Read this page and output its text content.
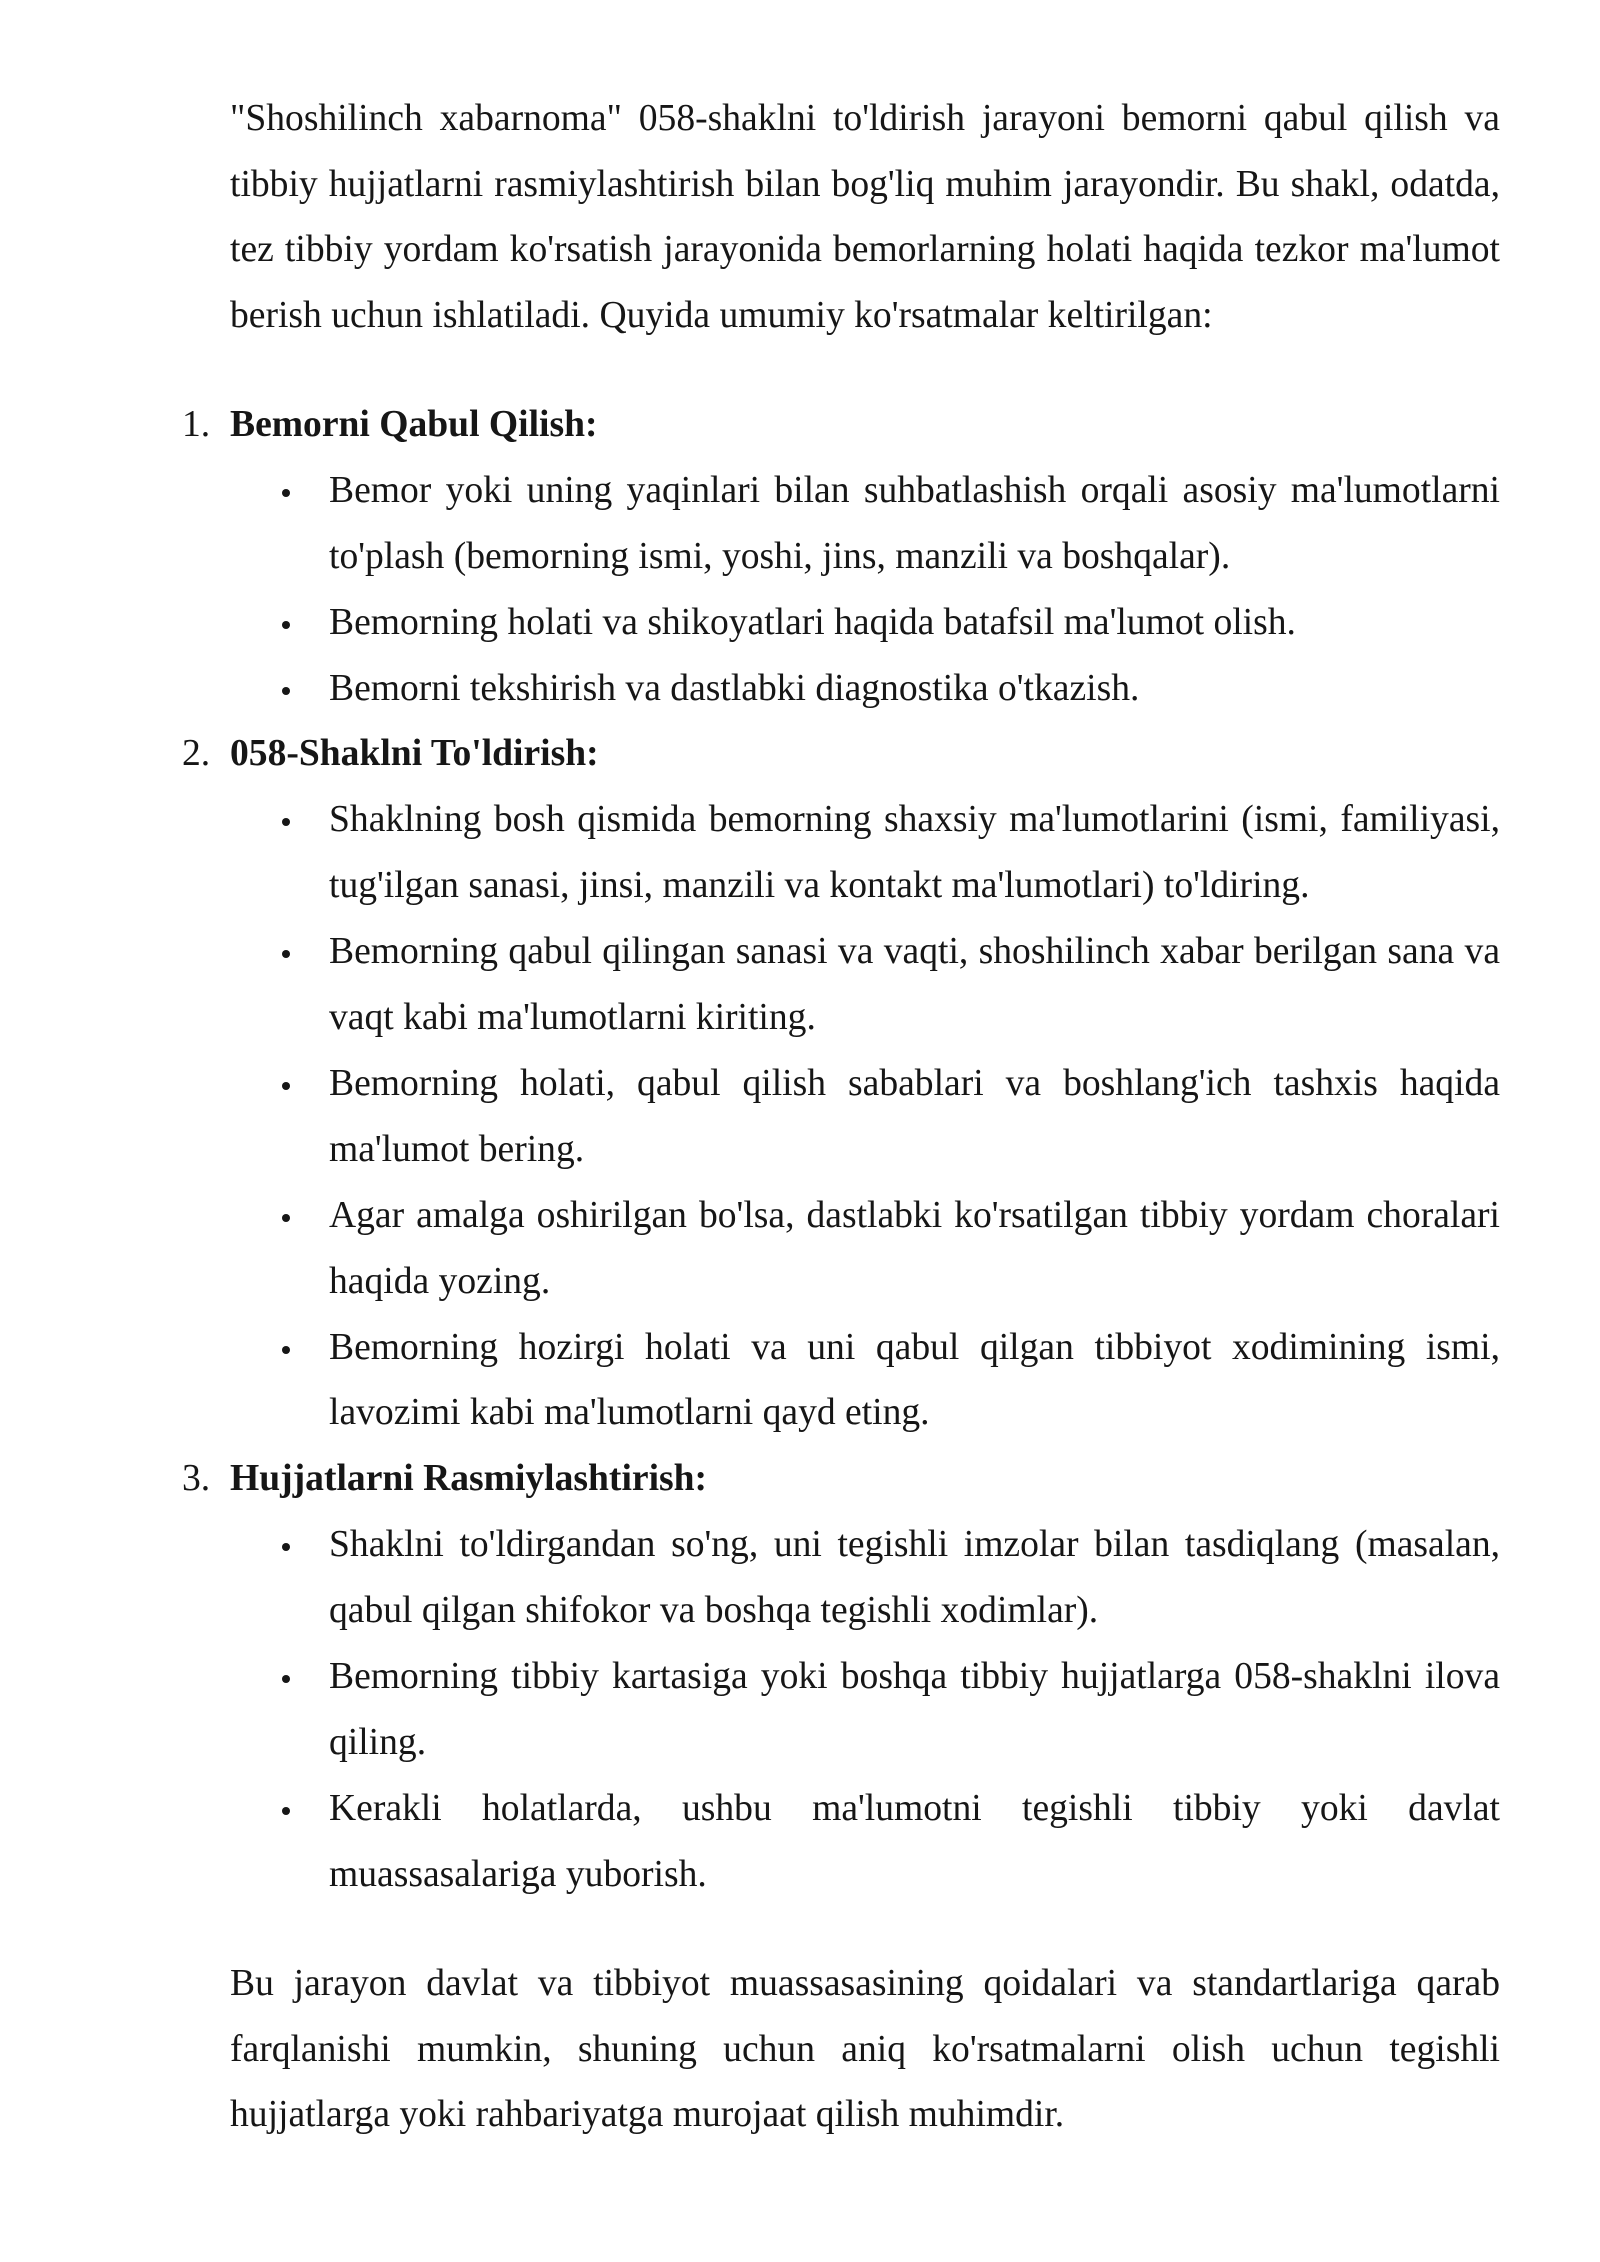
"Shoshilinch xabarnoma" 058-shaklni to'ldirish jarayoni bemorni qabul qilish va tibbiy hujjatlarni rasmiylashtirish bilan bog'liq muhim jarayondir. Bu shakl, odatda, tez tibbiy yordam ko'rsatish jarayonida bemorlarning holati haqida tezkor ma'lumot berish uchun ishlatiladi. Quyida umumiy ko'rsatmalar keltirilgan:

1. Bemorni Qabul Qilish:
Bemor yoki uning yaqinlari bilan suhbatlashish orqali asosiy ma'lumotlarni to'plash (bemorning ismi, yoshi, jins, manzili va boshqalar).
Bemorning holati va shikoyatlari haqida batafsil ma'lumot olish.
Bemorni tekshirish va dastlabki diagnostika o'tkazish.
2. 058-Shaklni To'ldirish:
Shaklning bosh qismida bemorning shaxsiy ma'lumotlarini (ismi, familiyasi, tug'ilgan sanasi, jinsi, manzili va kontakt ma'lumotlari) to'ldiring.
Bemorning qabul qilingan sanasi va vaqti, shoshilinch xabar berilgan sana va vaqt kabi ma'lumotlarni kiriting.
Bemorning holati, qabul qilish sabablari va boshlang'ich tashxis haqida ma'lumot bering.
Agar amalga oshirilgan bo'lsa, dastlabki ko'rsatilgan tibbiy yordam choralari haqida yozing.
Bemorning hozirgi holati va uni qabul qilgan tibbiyot xodimining ismi, lavozimi kabi ma'lumotlarni qayd eting.
3. Hujjatlarni Rasmiylashtirish:
Shaklni to'ldirgandan so'ng, uni tegishli imzolar bilan tasdiqlang (masalan, qabul qilgan shifokor va boshqa tegishli xodimlar).
Bemorning tibbiy kartasiga yoki boshqa tibbiy hujjatlarga 058-shaklni ilova qiling.
Kerakli holatlarda, ushbu ma'lumotni tegishli tibbiy yoki davlat muassasalariga yuborish.

Bu jarayon davlat va tibbiyot muassasasining qoidalari va standartlariga qarab farqlanishi mumkin, shuning uchun aniq ko'rsatmalarni olish uchun tegishli hujjatlarga yoki rahbariyatga murojaat qilish muhimdir.
